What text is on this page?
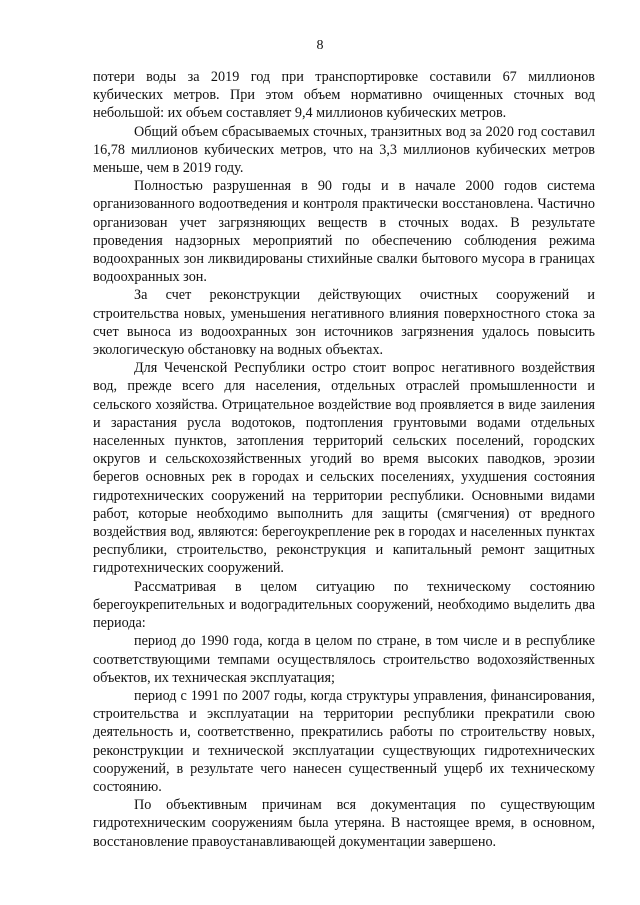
8

потери воды за 2019 год при транспортировке составили 67 миллионов кубических метров. При этом объем нормативно очищенных сточных вод небольшой: их объем составляет 9,4 миллионов кубических метров.

Общий объем сбрасываемых сточных, транзитных вод за 2020 год составил 16,78 миллионов кубических метров, что на 3,3 миллионов кубических метров меньше, чем в 2019 году.

Полностью разрушенная в 90 годы и в начале 2000 годов система организованного водоотведения и контроля практически восстановлена. Частично организован учет загрязняющих веществ в сточных водах. В результате проведения надзорных мероприятий по обеспечению соблюдения режима водоохранных зон ликвидированы стихийные свалки бытового мусора в границах водоохранных зон.

За счет реконструкции действующих очистных сооружений и строительства новых, уменьшения негативного влияния поверхностного стока за счет выноса из водоохранных зон источников загрязнения удалось повысить экологическую обстановку на водных объектах.

Для Чеченской Республики остро стоит вопрос негативного воздействия вод, прежде всего для населения, отдельных отраслей промышленности и сельского хозяйства. Отрицательное воздействие вод проявляется в виде заиления и зарастания русла водотоков, подтопления грунтовыми водами отдельных населенных пунктов, затопления территорий сельских поселений, городских округов и сельскохозяйственных угодий во время высоких паводков, эрозии берегов основных рек в городах и сельских поселениях, ухудшения состояния гидротехнических сооружений на территории республики. Основными видами работ, которые необходимо выполнить для защиты (смягчения) от вредного воздействия вод, являются: берегоукрепление рек в городах и населенных пунктах республики, строительство, реконструкция и капитальный ремонт защитных гидротехнических сооружений.

Рассматривая в целом ситуацию по техническому состоянию берегоукрепительных и водоградительных сооружений, необходимо выделить два периода:

период до 1990 года, когда в целом по стране, в том числе и в республике соответствующими темпами осуществлялось строительство водохозяйственных объектов, их техническая эксплуатация;

период с 1991 по 2007 годы, когда структуры управления, финансирования, строительства и эксплуатации на территории республики прекратили свою деятельность и, соответственно, прекратились работы по строительству новых, реконструкции и технической эксплуатации существующих гидротехнических сооружений, в результате чего нанесен существенный ущерб их техническому состоянию.

По объективным причинам вся документация по существующим гидротехническим сооружениям была утеряна. В настоящее время, в основном, восстановление правоустанавливающей документации завершено.
